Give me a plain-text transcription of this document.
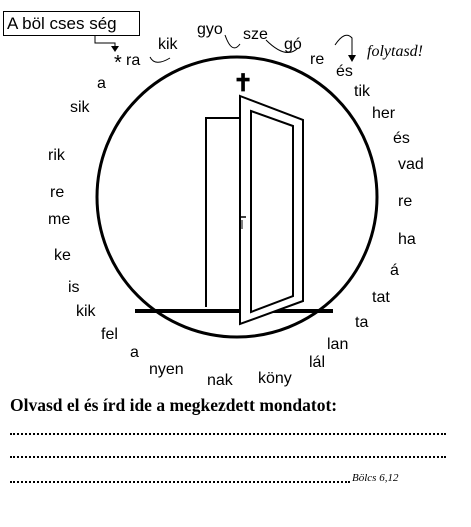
A böl cses ség
*
✝
folytasd!
ra
kik
gyo sze
gó
re
és
tik
her
és
vad
re
ha
á
tat
ta
lan
lál
köny
nak
nyen
a
fel
kik
is
ke
me
re
rik
sik
a
Olvasd el és írd ide a megkezdett mondatot:
Bölcs 6,12
